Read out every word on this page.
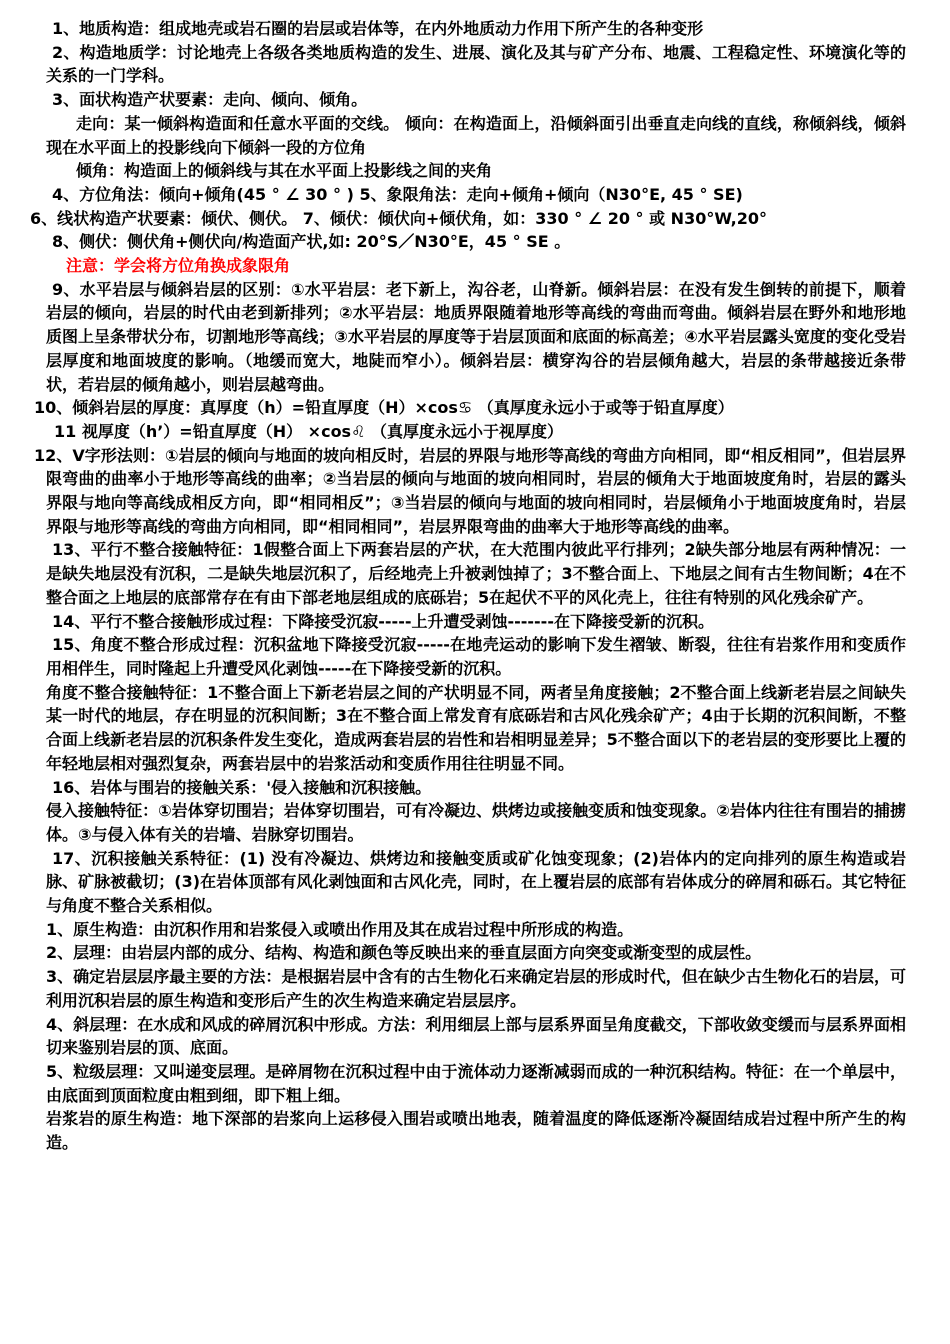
1、地质构造：组成地壳或岩石圈的岩层或岩体等，在内外地质动力作用下所产生的各种变形

2、构造地质学：讨论地壳上各级各类地质构造的发生、进展、演化及其与矿产分布、地震、工程稳定性、环境演化等的关系的一门学科。

3、面状构造产状要素：走向、倾向、倾角。

走向：某一倾斜构造面和任意水平面的交线。 倾向：在构造面上，沿倾斜面引出垂直走向线的直线，称倾斜线，倾斜现在水平面上的投影线向下倾斜一段的方位角

倾角：构造面上的倾斜线与其在水平面上投影线之间的夹角

4、方位角法：倾向+倾角(45 ° ∠ 30 ° ) 5、象限角法：走向+倾角+倾向（N30°E, 45 ° SE)

6、线状构造产状要素：倾伏、侧伏。 7、倾伏：倾伏向+倾伏角，如：330 ° ∠ 20 ° 或 N30°W,20°

8、侧伏：侧伏角+侧伏向/构造面产状,如: 20°S／N30°E，45 ° SE 。

注意：学会将方位角换成象限角

9、水平岩层与倾斜岩层的区别：①水平岩层：老下新上，沟谷老，山脊新。倾斜岩层：在没有发生倒转的前提下，顺着岩层的倾向，岩层的时代由老到新排列；②水平岩层：地质界限随着地形等高线的弯曲而弯曲。倾斜岩层在野外和地形地质图上呈条带状分布，切割地形等高线；③水平岩层的厚度等于岩层顶面和底面的标高差；④水平岩层露头宽度的变化受岩层厚度和地面坡度的影响。（地缓而宽大，地陡而窄小）。倾斜岩层：横穿沟谷的岩层倾角越大，岩层的条带越接近条带状，若岩层的倾角越小，则岩层越弯曲。

10、倾斜岩层的厚度：真厚度（h）=铅直厚度（H）×cos♋ （真厚度永远小于或等于铅直厚度）

11 视厚度（h’）=铅直厚度（H） ×cos♌ （真厚度永远小于视厚度）

12、V字形法则：①岩层的倾向与地面的坡向相反时，岩层的界限与地形等高线的弯曲方向相同，即“相反相同”，但岩层界限弯曲的曲率小于地形等高线的曲率；②当岩层的倾向与地面的坡向相同时，岩层的倾角大于地面坡度角时，岩层的露头界限与地向等高线成相反方向，即“相同相反”；③当岩层的倾向与地面的坡向相同时，岩层倾角小于地面坡度角时，岩层界限与地形等高线的弯曲方向相同，即“相同相同”，岩层界限弯曲的曲率大于地形等高线的曲率。

13、平行不整合接触特征：1假整合面上下两套岩层的产状，在大范围内彼此平行排列；2缺失部分地层有两种情况：一是缺失地层没有沉积，二是缺失地层沉积了，后经地壳上升被剥蚀掉了；3不整合面上、下地层之间有古生物间断；4在不整合面之上地层的底部常存在有由下部老地层组成的底砾岩；5在起伏不平的风化壳上，往往有特别的风化残余矿产。

14、平行不整合接触形成过程：下降接受沉寂-----上升遭受剥蚀-------在下降接受新的沉积。

15、角度不整合形成过程：沉积盆地下降接受沉寂-----在地壳运动的影响下发生褶皱、断裂，往往有岩浆作用和变质作用相伴生，同时隆起上升遭受风化剥蚀-----在下降接受新的沉积。

角度不整合接触特征：1不整合面上下新老岩层之间的产状明显不同，两者呈角度接触；2不整合面上线新老岩层之间缺失某一时代的地层，存在明显的沉积间断；3在不整合面上常发育有底砾岩和古风化残余矿产；4由于长期的沉积间断，不整合面上线新老岩层的沉积条件发生变化，造成两套岩层的岩性和岩相明显差异；5不整合面以下的老岩层的变形要比上覆的年轻地层相对强烈复杂，两套岩层中的岩浆活动和变质作用往往明显不同。

16、岩体与围岩的接触关系：'侵入接触和沉积接触。

侵入接触特征：①岩体穿切围岩；岩体穿切围岩，可有冷凝边、烘烤边或接触变质和蚀变现象。②岩体内往往有围岩的捕掳体。③与侵入体有关的岩墙、岩脉穿切围岩。

17、沉积接触关系特征：(1) 没有冷凝边、烘烤边和接触变质或矿化蚀变现象；(2)岩体内的定向排列的原生构造或岩脉、矿脉被截切；(3)在岩体顶部有风化剥蚀面和古风化壳，同时，在上覆岩层的底部有岩体成分的碎屑和砾石。其它特征与角度不整合关系相似。

1、原生构造：由沉积作用和岩浆侵入或喷出作用及其在成岩过程中所形成的构造。

2、层理：由岩层内部的成分、结构、构造和颜色等反映出来的垂直层面方向突变或渐变型的成层性。

3、确定岩层层序最主要的方法：是根据岩层中含有的古生物化石来确定岩层的形成时代，但在缺少古生物化石的岩层，可利用沉积岩层的原生构造和变形后产生的次生构造来确定岩层层序。

4、斜层理：在水成和风成的碎屑沉积中形成。方法：利用细层上部与层系界面呈角度截交，下部收敛变缓而与层系界面相切来鉴别岩层的顶、底面。

5、粒级层理：又叫递变层理。是碎屑物在沉积过程中由于流体动力逐渐减弱而成的一种沉积结构。特征：在一个单层中，由底面到顶面粒度由粗到细，即下粗上细。

岩浆岩的原生构造：地下深部的岩浆向上运移侵入围岩或喷出地表，随着温度的降低逐渐冷凝固结成岩过程中所产生的构造。
